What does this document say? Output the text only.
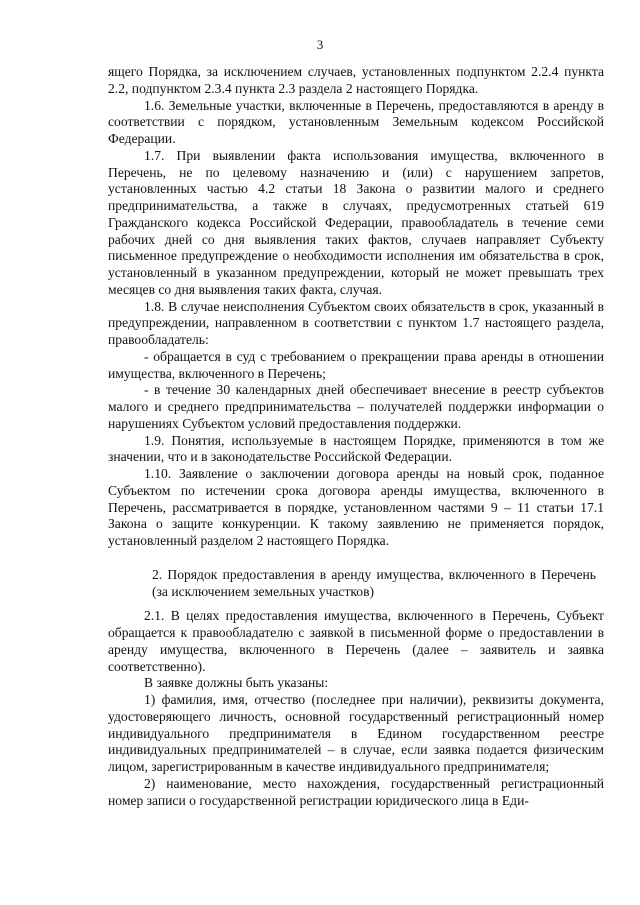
3

ящего Порядка, за исключением случаев, установленных подпунктом 2.2.4 пункта 2.2, подпунктом 2.3.4 пункта 2.3 раздела 2 настоящего Порядка.

1.6. Земельные участки, включенные в Перечень, предоставляются в аренду в соответствии с порядком, установленным Земельным кодексом Российской Федерации.

1.7. При выявлении факта использования имущества, включенного в Перечень, не по целевому назначению и (или) с нарушением запретов, установленных частью 4.2 статьи 18 Закона о развитии малого и среднего предпринимательства, а также в случаях, предусмотренных статьей 619 Гражданского кодекса Российской Федерации, правообладатель в течение семи рабочих дней со дня выявления таких фактов, случаев направляет Субъекту письменное предупреждение о необходимости исполнения им обязательства в срок, установленный в указанном предупреждении, который не может превышать трех месяцев со дня выявления таких факта, случая.

1.8. В случае неисполнения Субъектом своих обязательств в срок, указанный в предупреждении, направленном в соответствии с пунктом 1.7 настоящего раздела, правообладатель:

- обращается в суд с требованием о прекращении права аренды в отношении имущества, включенного в Перечень;

- в течение 30 календарных дней обеспечивает внесение в реестр субъектов малого и среднего предпринимательства – получателей поддержки информации о нарушениях Субъектом условий предоставления поддержки.

1.9. Понятия, используемые в настоящем Порядке, применяются в том же значении, что и в законодательстве Российской Федерации.

1.10. Заявление о заключении договора аренды на новый срок, поданное Субъектом по истечении срока договора аренды имущества, включенного в Перечень, рассматривается в порядке, установленном частями 9 – 11 статьи 17.1 Закона о защите конкуренции. К такому заявлению не применяется порядок, установленный разделом 2 настоящего Порядка.

2. Порядок предоставления в аренду имущества, включенного в Перечень (за исключением земельных участков)

2.1. В целях предоставления имущества, включенного в Перечень, Субъект обращается к правообладателю с заявкой в письменной форме о предоставлении в аренду имущества, включенного в Перечень (далее – заявитель и заявка соответственно).

В заявке должны быть указаны:

1) фамилия, имя, отчество (последнее при наличии), реквизиты документа, удостоверяющего личность, основной государственный регистрационный номер индивидуального предпринимателя в Едином государственном реестре индивидуальных предпринимателей – в случае, если заявка подается физическим лицом, зарегистрированным в качестве индивидуального предпринимателя;

2) наименование, место нахождения, государственный регистрационный номер записи о государственной регистрации юридического лица в Еди-
